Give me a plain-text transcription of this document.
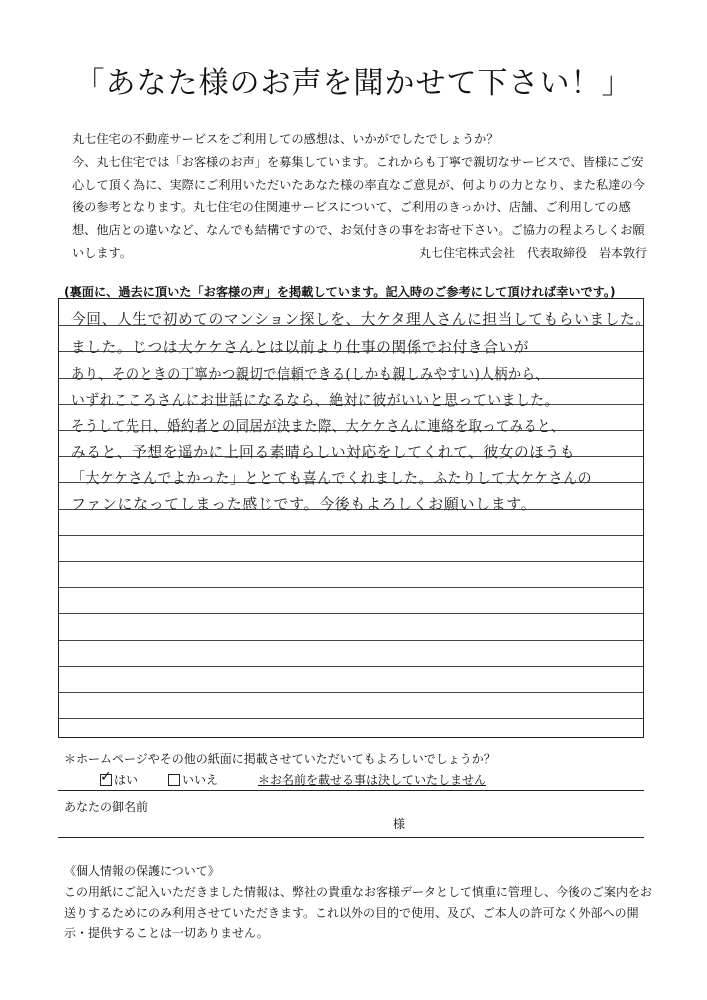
「あなた様のお声を聞かせて下さい！」
丸七住宅の不動産サービスをご利用しての感想は、いかがでしたでしょうか？
今、丸七住宅では「お客様のお声」を募集しています。これからも丁寧で親切なサービスで、皆様にご安心して頂く為に、実際にご利用いただいたあなた様の率直なご意見が、何よりの力となり、また私達の今後の参考となります。丸七住宅の住関連サービスについて、ご利用のきっかけ、店舗、ご利用しての感想、他店との違いなど、なんでも結構ですので、お気付きの事をお寄せ下さい。ご協力の程よろしくお願いします。	丸七住宅株式会社　代表取締役　岩本敦行
(裏面に、過去に頂いた「お客様の声」を掲載しています。記入時のご参考にして頂ければ幸いです。)
今回、人生で初めてのマンション探しを、大ケタ理人さんに担当してもらいました。
ました。じつは大ケケさんとは以前より仕事の関係でお付き合いが
あり、そのときの丁寧かつ親切で信頼できる(しかも親しみやすい)人柄から、
いずれこころさんにお世話になるなら、絶対に彼がいいと思っていました。
そうして先日、婚約者との同居が決また際、大ケケさんに連絡を取ってみると、
みると、予想を遥かに上回る素晴らしい対応をしてくれて、彼女のほうも
「大ケケさんでよかった」ととても喜んでくれました。ふたりして大ケケさんの
ファンになってしまった感じです。今後もよろしくお願いします。
＊ホームページやその他の紙面に掲載させていただいてもよろしいでしょうか？
✓
はい	いいえ	＊お名前を載せる事は決していたしません
あなたの御名前
様
《個人情報の保護について》
この用紙にご記入いただきました情報は、弊社の貴重なお客様データとして慎重に管理し、今後のご案内をお送りするためにのみ利用させていただきます。これ以外の目的で使用、及び、ご本人の許可なく外部への開示・提供することは一切ありません。
